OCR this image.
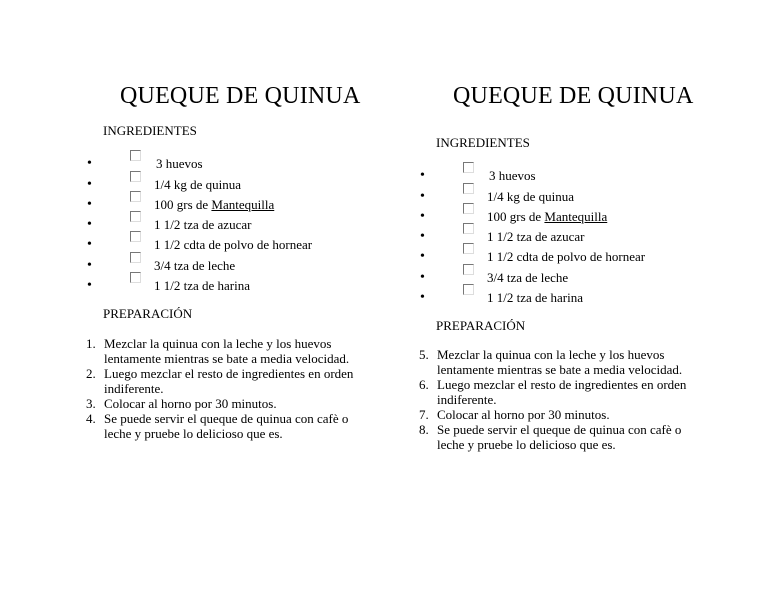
QUEQUE DE QUINUA
INGREDIENTES
•	3 huevos
•	1/4 kg de quinua
•	100 grs de Mantequilla
•	1 1/2 tza de azucar
•	1 1/2 cdta de polvo de hornear
•	3/4 tza de leche
•	1 1/2 tza de harina
PREPARACIÓN
1. Mezclar la quinua con la leche y los huevos lentamente mientras se bate a media velocidad.
2. Luego mezclar el resto de ingredientes en orden indiferente.
3. Colocar al horno por 30 minutos.
4. Se puede servir el queque de quinua con cafè o leche y pruebe lo delicioso que es.
QUEQUE DE QUINUA
INGREDIENTES
•	3 huevos
•	1/4 kg de quinua
•	100 grs de Mantequilla
•	1 1/2 tza de azucar
•	1 1/2 cdta de polvo de hornear
•	3/4 tza de leche
•	1 1/2 tza de harina
PREPARACIÓN
5. Mezclar la quinua con la leche y los huevos lentamente mientras se bate a media velocidad.
6. Luego mezclar el resto de ingredientes en orden indiferente.
7. Colocar al horno por 30 minutos.
8. Se puede servir el queque de quinua con cafè o leche y pruebe lo delicioso que es.
